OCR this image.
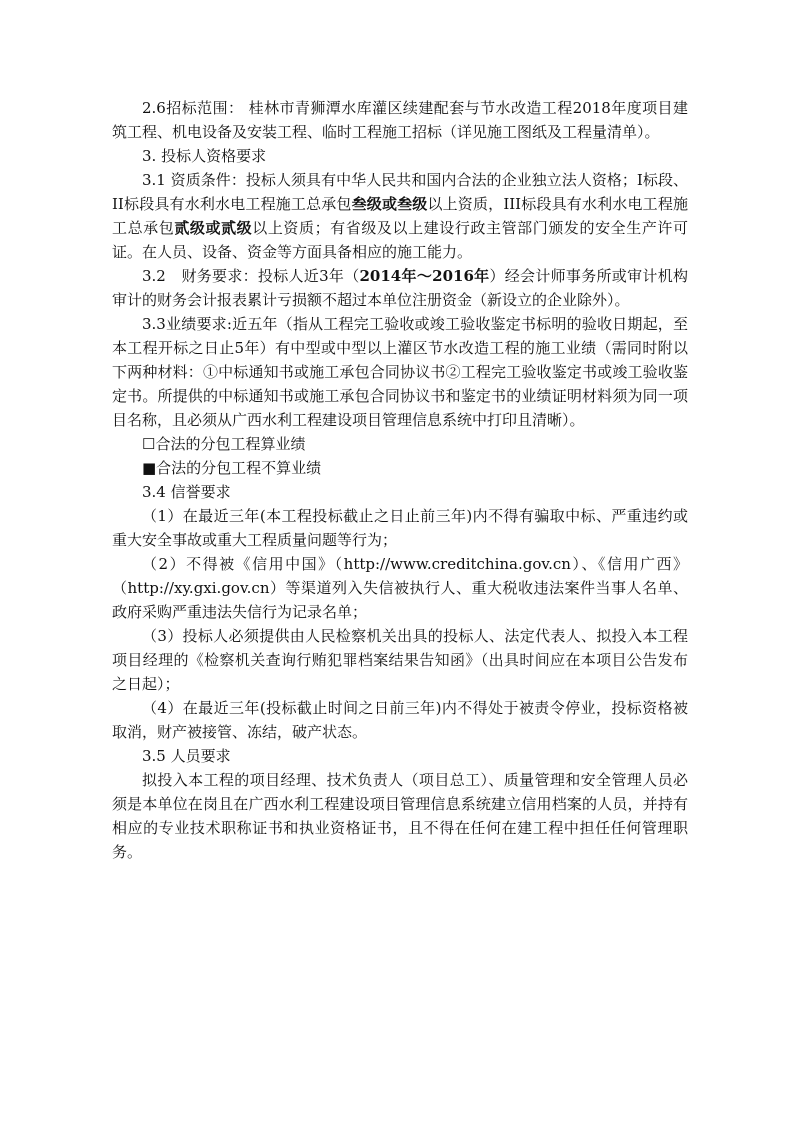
2.6招标范围： 桂林市青狮潭水库灌区续建配套与节水改造工程2018年度项目建筑工程、机电设备及安装工程、临时工程施工招标（详见施工图纸及工程量清单）。

3. 投标人资格要求

3.1 资质条件：投标人须具有中华人民共和国内合法的企业独立法人资格；I标段、II标段具有水利水电工程施工总承包叁级或叁级以上资质，III标段具有水利水电工程施工总承包贰级或贰级以上资质；有省级及以上建设行政主管部门颁发的安全生产许可证。在人员、设备、资金等方面具备相应的施工能力。

3.2　财务要求：投标人近3年（2014年～2016年）经会计师事务所或审计机构审计的财务会计报表累计亏损额不超过本单位注册资金（新设立的企业除外）。

3.3业绩要求:近五年（指从工程完工验收或竣工验收鉴定书标明的验收日期起，至本工程开标之日止5年）有中型或中型以上灌区节水改造工程的施工业绩（需同时附以下两种材料：①中标通知书或施工承包合同协议书②工程完工验收鉴定书或竣工验收鉴定书。所提供的中标通知书或施工承包合同协议书和鉴定书的业绩证明材料须为同一项目名称，且必须从广西水利工程建设项目管理信息系统中打印且清晰）。

☐合法的分包工程算业绩

■合法的分包工程不算业绩

3.4 信誉要求

（1）在最近三年(本工程投标截止之日止前三年)内不得有骗取中标、严重违约或重大安全事故或重大工程质量问题等行为；

（2）不得被《信用中国》（http://www.creditchina.gov.cn）、《信用广西》（http://xy.gxi.gov.cn）等渠道列入失信被执行人、重大税收违法案件当事人名单、政府采购严重违法失信行为记录名单；

（3）投标人必须提供由人民检察机关出具的投标人、法定代表人、拟投入本工程项目经理的《检察机关查询行贿犯罪档案结果告知函》（出具时间应在本项目公告发布之日起）；

（4）在最近三年(投标截止时间之日前三年)内不得处于被责令停业，投标资格被取消，财产被接管、冻结，破产状态。

3.5 人员要求

拟投入本工程的项目经理、技术负责人（项目总工）、质量管理和安全管理人员必须是本单位在岗且在广西水利工程建设项目管理信息系统建立信用档案的人员，并持有相应的专业技术职称证书和执业资格证书，且不得在任何在建工程中担任任何管理职务。
